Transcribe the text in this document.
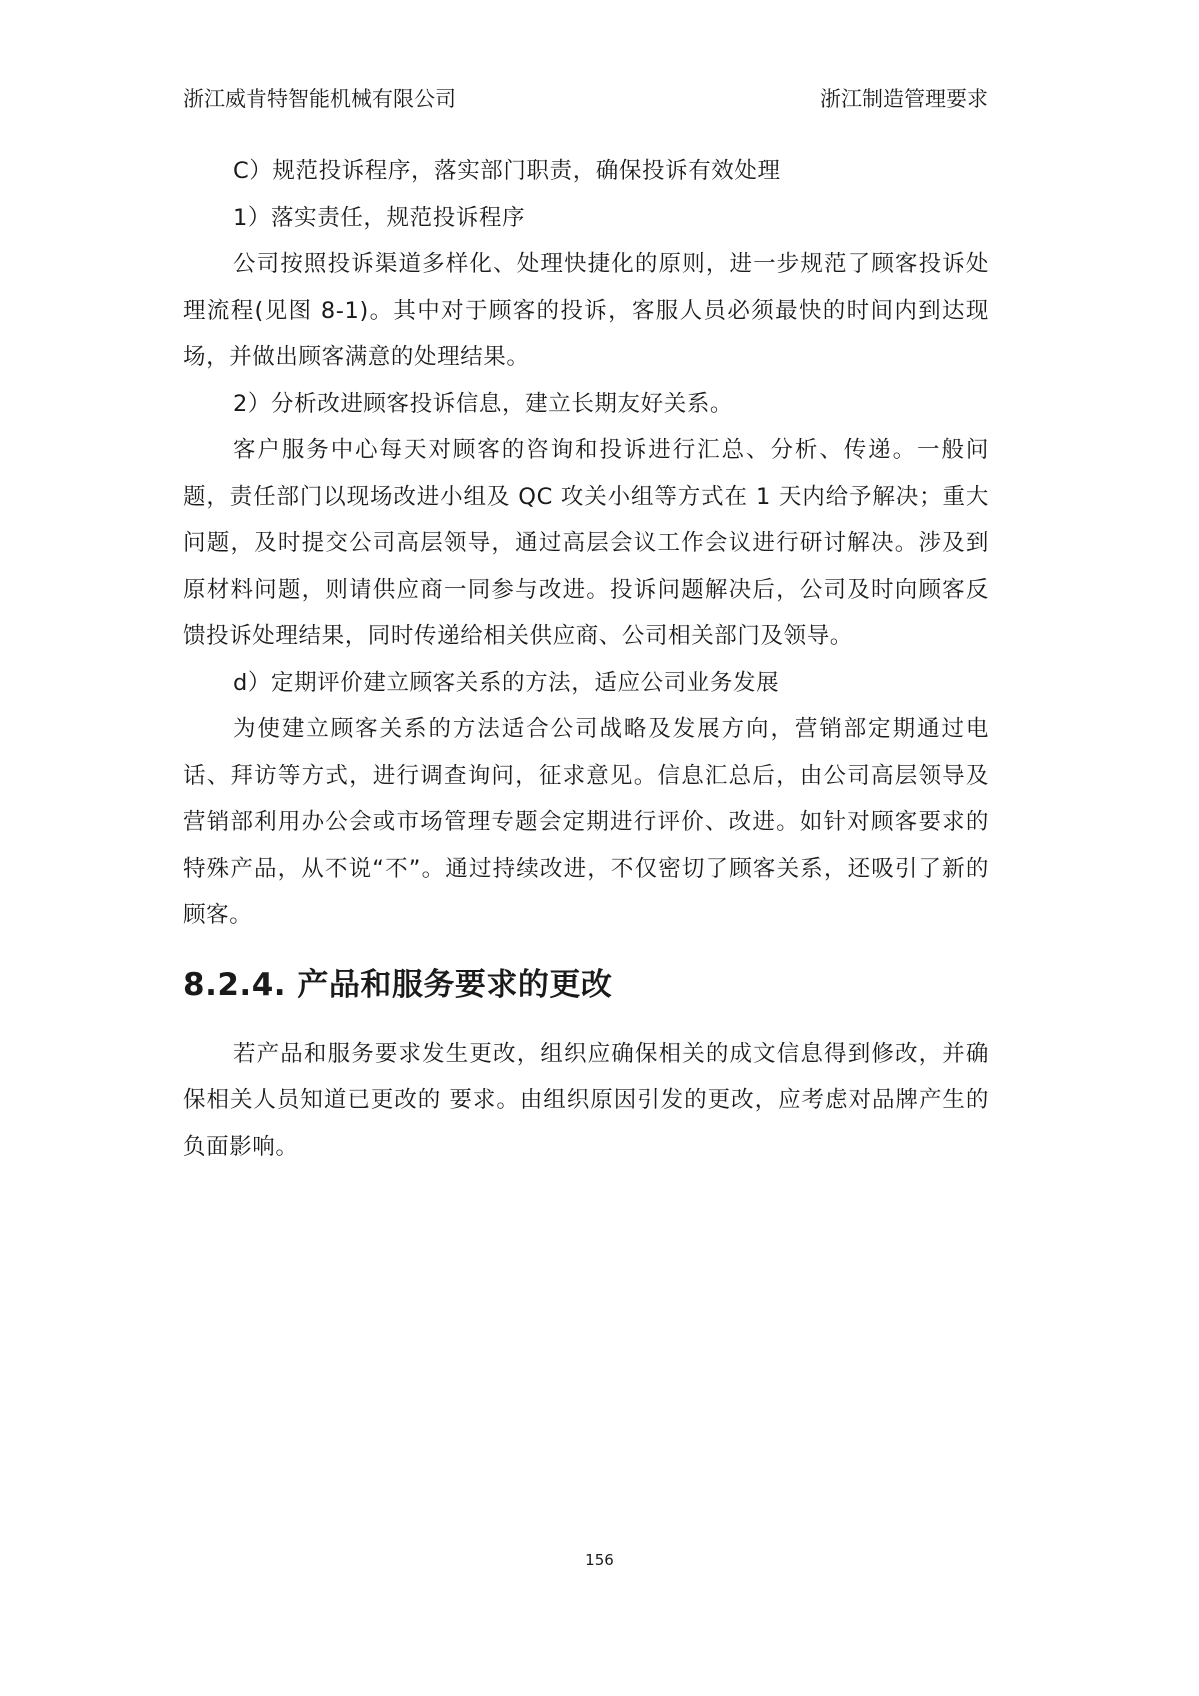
浙江威肯特智能机械有限公司	浙江制造管理要求

C）规范投诉程序，落实部门职责，确保投诉有效处理

1）落实责任，规范投诉程序

公司按照投诉渠道多样化、处理快捷化的原则，进一步规范了顾客投诉处理流程(见图 8-1)。其中对于顾客的投诉，客服人员必须最快的时间内到达现场，并做出顾客满意的处理结果。

2）分析改进顾客投诉信息，建立长期友好关系。

客户服务中心每天对顾客的咨询和投诉进行汇总、分析、传递。一般问题，责任部门以现场改进小组及 QC 攻关小组等方式在 1 天内给予解决；重大问题，及时提交公司高层领导，通过高层会议工作会议进行研讨解决。涉及到原材料问题，则请供应商一同参与改进。投诉问题解决后，公司及时向顾客反馈投诉处理结果，同时传递给相关供应商、公司相关部门及领导。

d）定期评价建立顾客关系的方法，适应公司业务发展

为使建立顾客关系的方法适合公司战略及发展方向，营销部定期通过电话、拜访等方式，进行调查询问，征求意见。信息汇总后，由公司高层领导及营销部利用办公会或市场管理专题会定期进行评价、改进。如针对顾客要求的特殊产品，从不说“不”。通过持续改进，不仅密切了顾客关系，还吸引了新的顾客。

8.2.4. 产品和服务要求的更改

若产品和服务要求发生更改，组织应确保相关的成文信息得到修改，并确保相关人员知道已更改的 要求。由组织原因引发的更改，应考虑对品牌产生的负面影响。

156
